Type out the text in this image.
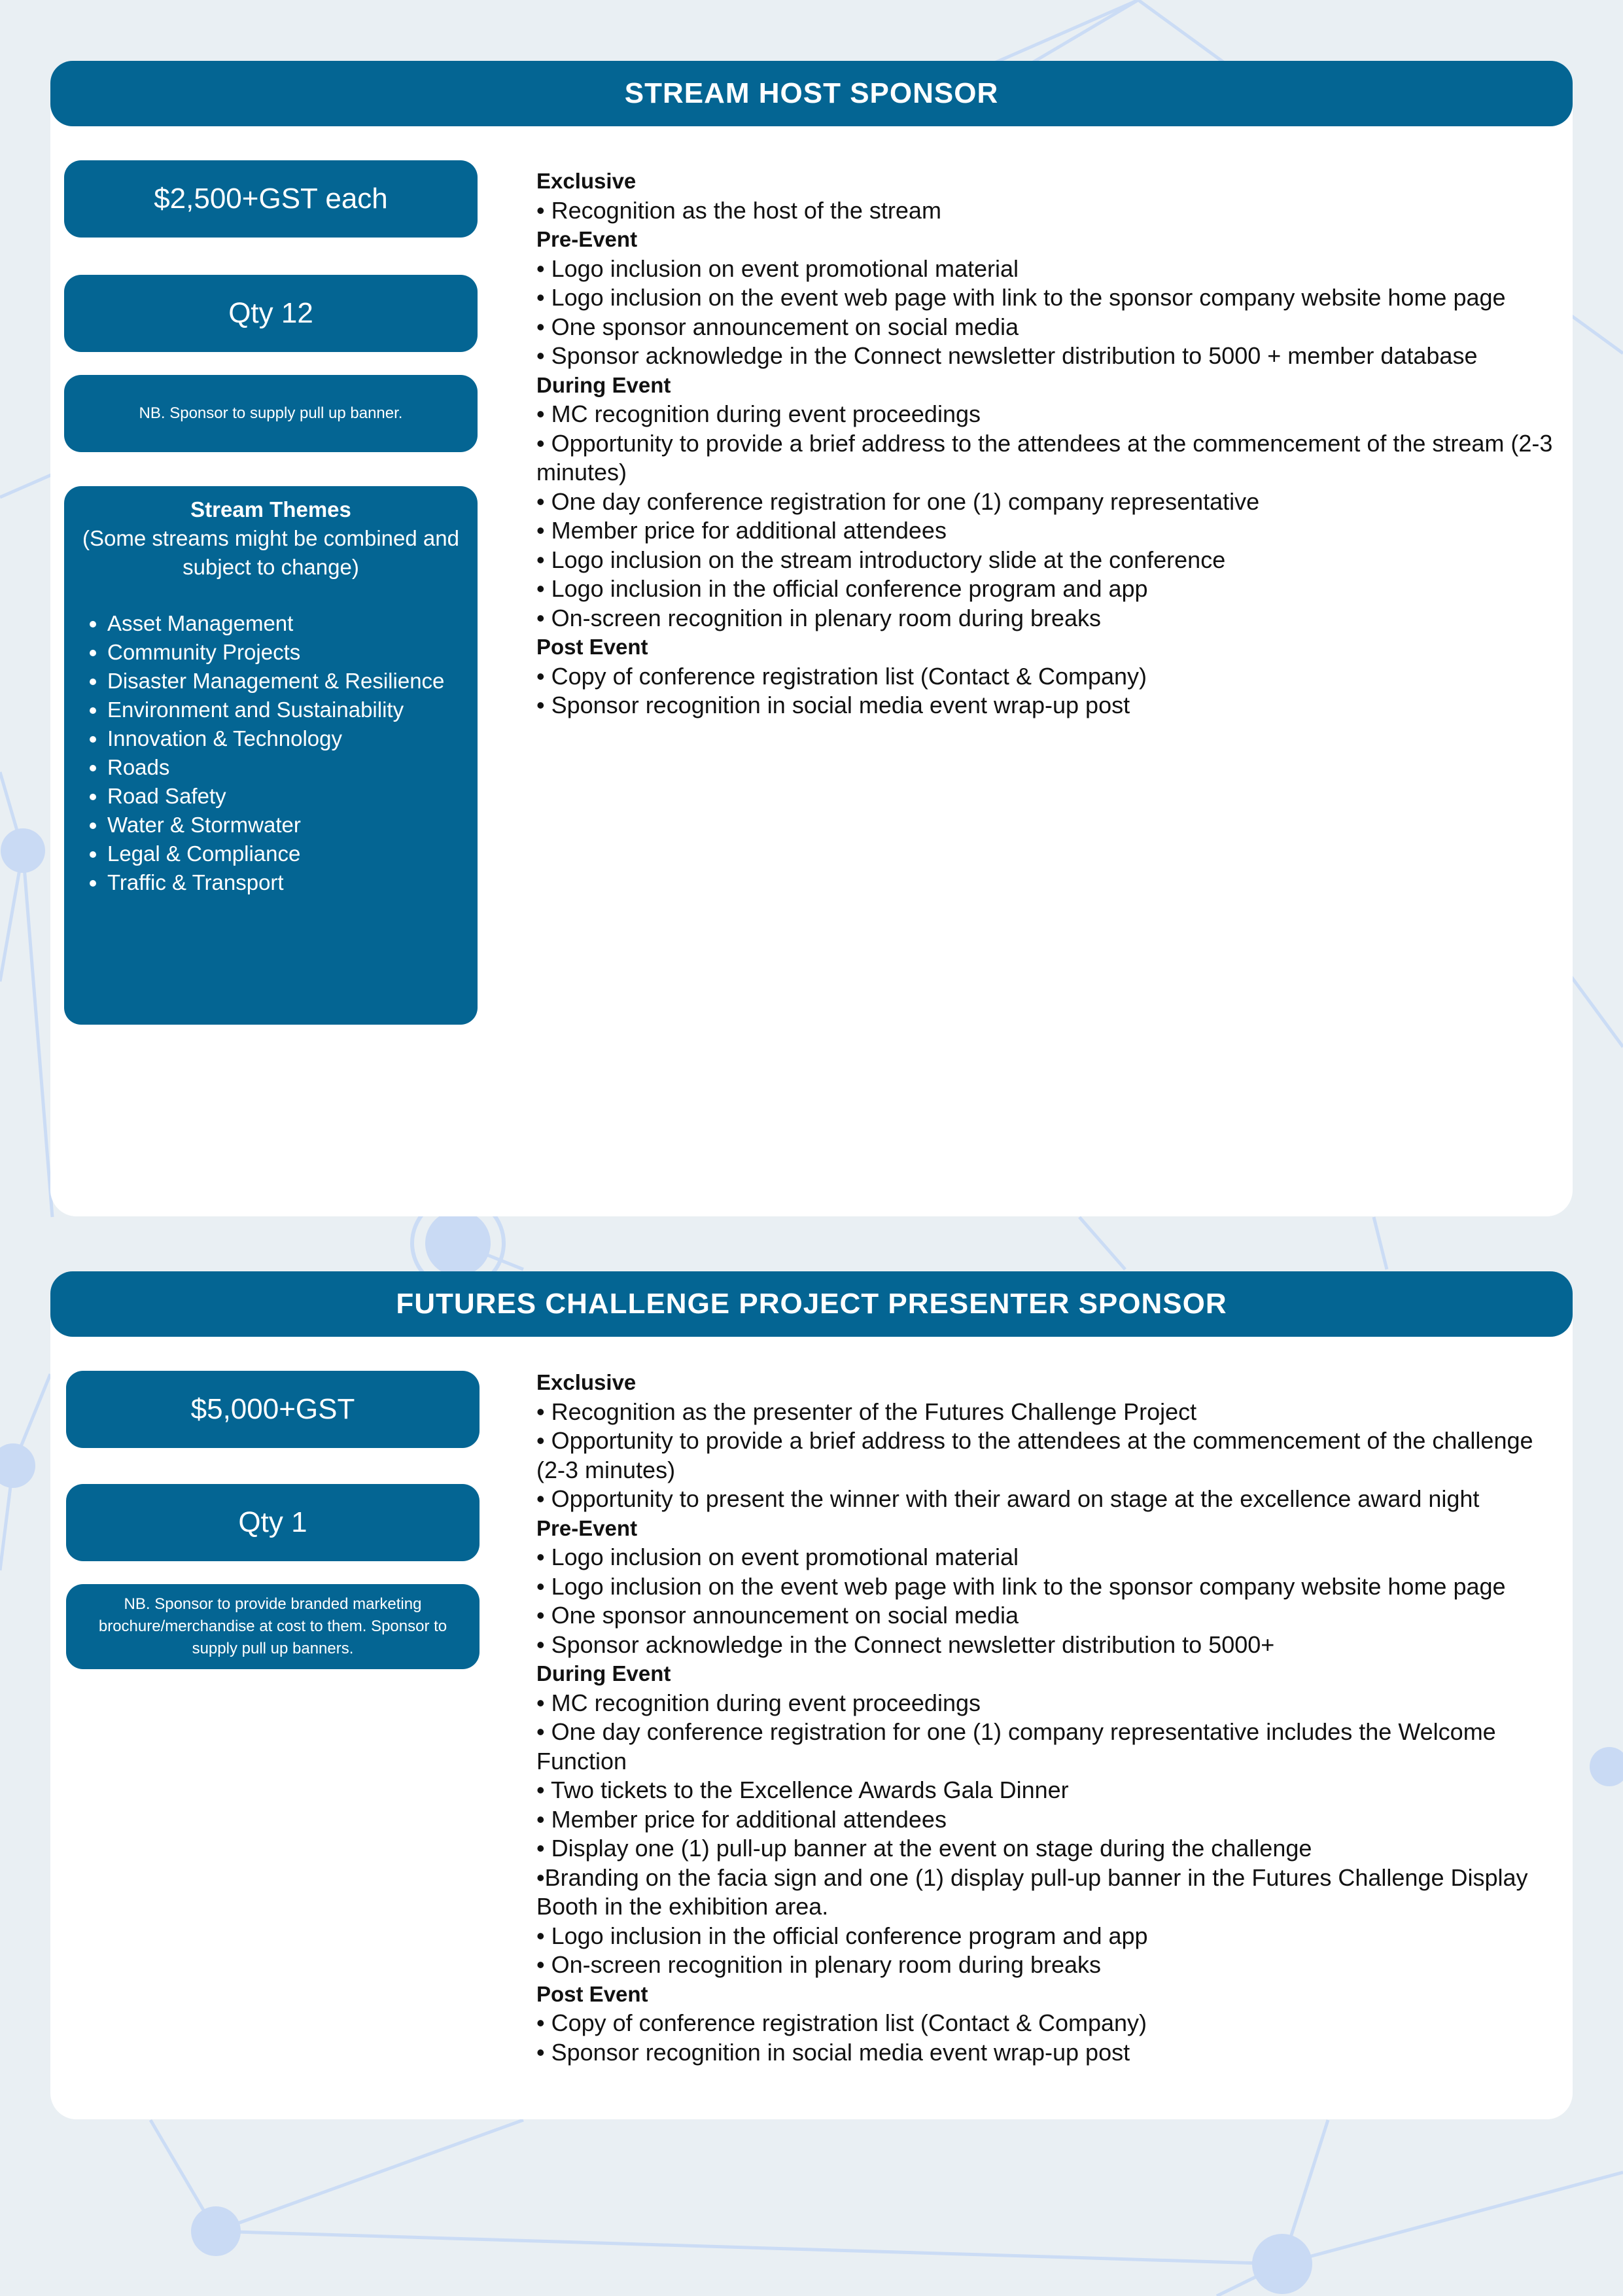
STREAM HOST SPONSOR
$2,500+GST each
Qty 12
NB. Sponsor to supply pull up banner.
Stream Themes
(Some streams might be combined and subject to change)
• Asset Management
• Community Projects
• Disaster Management & Resilience
• Environment and Sustainability
• Innovation & Technology
• Roads
• Road Safety
• Water & Stormwater
• Legal & Compliance
• Traffic & Transport
Exclusive
• Recognition as the host of the stream
Pre-Event
• Logo inclusion on event promotional material
• Logo inclusion on the event web page with link to the sponsor company website home page
• One sponsor announcement on social media
• Sponsor acknowledge in the Connect newsletter distribution to 5000 + member database
During Event
• MC recognition during event proceedings
• Opportunity to provide a brief address to the attendees at the commencement of the stream (2-3 minutes)
• One day conference registration for one (1) company representative
• Member price for additional attendees
• Logo inclusion on the stream introductory slide at the conference
• Logo inclusion in the official conference program and app
• On-screen recognition in plenary room during breaks
Post Event
• Copy of conference registration list (Contact & Company)
• Sponsor recognition in social media event wrap-up post
FUTURES CHALLENGE PROJECT PRESENTER SPONSOR
$5,000+GST
Qty 1
NB. Sponsor to provide branded marketing brochure/merchandise at cost to them. Sponsor to supply pull up banners.
Exclusive
• Recognition as the presenter of the Futures Challenge Project
• Opportunity to provide a brief address to the attendees at the commencement of the challenge (2-3 minutes)
• Opportunity to present the winner with their award on stage at the excellence award night
Pre-Event
• Logo inclusion on event promotional material
• Logo inclusion on the event web page with link to the sponsor company website home page
• One sponsor announcement on social media
• Sponsor acknowledge in the Connect newsletter distribution to 5000+
During Event
• MC recognition during event proceedings
• One day conference registration for one (1) company representative includes the Welcome Function
• Two tickets to the Excellence Awards Gala Dinner
• Member price for additional attendees
• Display one (1) pull-up banner at the event on stage during the challenge
•Branding on the facia sign and one (1) display pull-up banner in the Futures Challenge Display Booth in the exhibition area.
• Logo inclusion in the official conference program and app
• On-screen recognition in plenary room during breaks
Post Event
• Copy of conference registration list (Contact & Company)
• Sponsor recognition in social media event wrap-up post
